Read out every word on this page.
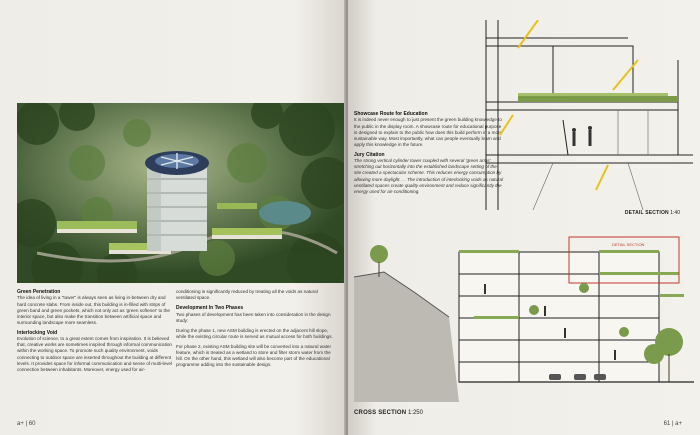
Green Penetration

The idea of living in a "tower" is always seen as living in-between dry and hard concrete slabs. From inside out, this building is in-filled with strips of green band and green pockets, which not only act as 'green softener' to the interior space, but also make the transition between artificial space and surrounding landscape more seamless.

Interlocking Void

Evolution of science, to a great extent comes from inspiration. It is believed that, creative works are sometimes inspired through informal communication within the working space. To promote such quality environment, voids connecting to outdoor space are inserted throughout the building at different levels. It provides space for informal communication and sense of multi-level connection between inhabitants. Moreover, energy used for air-

conditioning is significantly reduced by treating all the voids as natural ventilated space.

Development In Two Phases

Two phases of development has been taken into consideration in the design study:

During the phase 1, new ASM building is erected on the adjacent hill slope, while the existing circular route is served as mutual access for both buildings.

For phase 2, existing ASM building site will be converted into a natural water feature, which is treated as a wetland to store and filter storm water from the hill. On the other hand, this wetland will also become part of the educational programme adding into the sustainable design.

a+ | 60
Showcase Route for Education

It is indeed never enough to just present the green building knowledge to the public in the display room. A showcase route for educational purpose is designed to explain to the public how does this build perform in a more sustainable way. Most importantly, what can people eventually learn and apply this knowledge in the future.

Jury Citation

The strong vertical cylinder tower coupled with several 'green arms' stretching out horizontally into the established landscape setting of the site created a spectacular scheme. This reduces energy consumption by allowing more daylight. . . The introduction of interlocking voids as natural ventilated spaces create quality environment and reduce significantly the energy used for air-conditioning.

DETAIL SECTION 1:40
DETAIL SECTION
CROSS SECTION 1:250
61 | a+
